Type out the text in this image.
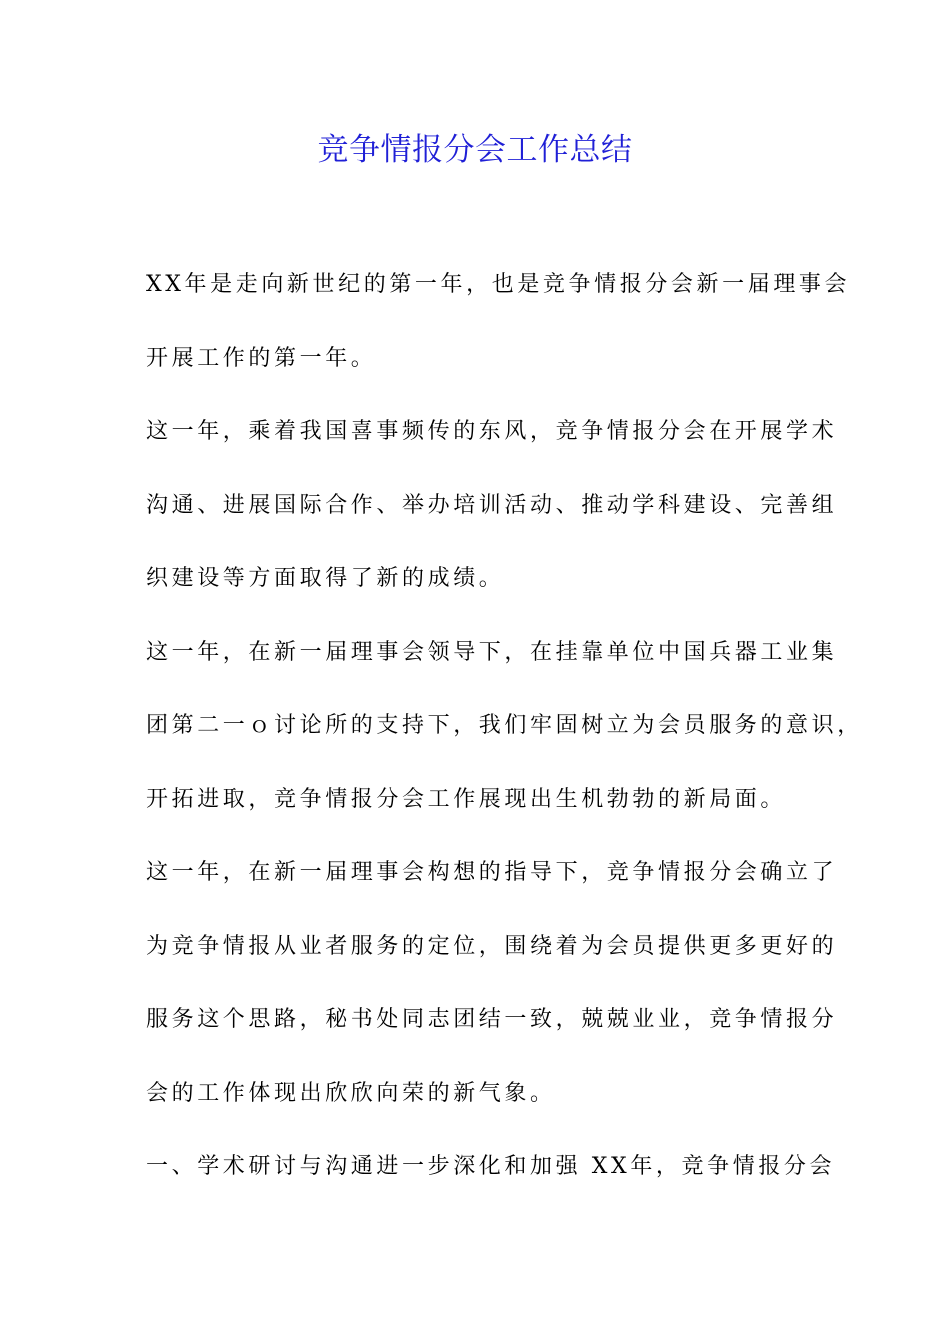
竞争情报分会工作总结
XX年是走向新世纪的第一年，也是竞争情报分会新一届理事会
开展工作的第一年。
这一年，乘着我国喜事频传的东风，竞争情报分会在开展学术
沟通、进展国际合作、举办培训活动、推动学科建设、完善组
织建设等方面取得了新的成绩。
这一年，在新一届理事会领导下，在挂靠单位中国兵器工业集
团第二一ｏ讨论所的支持下，我们牢固树立为会员服务的意识，
开拓进取，竞争情报分会工作展现出生机勃勃的新局面。
这一年，在新一届理事会构想的指导下，竞争情报分会确立了
为竞争情报从业者服务的定位，围绕着为会员提供更多更好的
服务这个思路，秘书处同志团结一致，兢兢业业，竞争情报分
会的工作体现出欣欣向荣的新气象。
一、学术研讨与沟通进一步深化和加强 XX年，竞争情报分会
